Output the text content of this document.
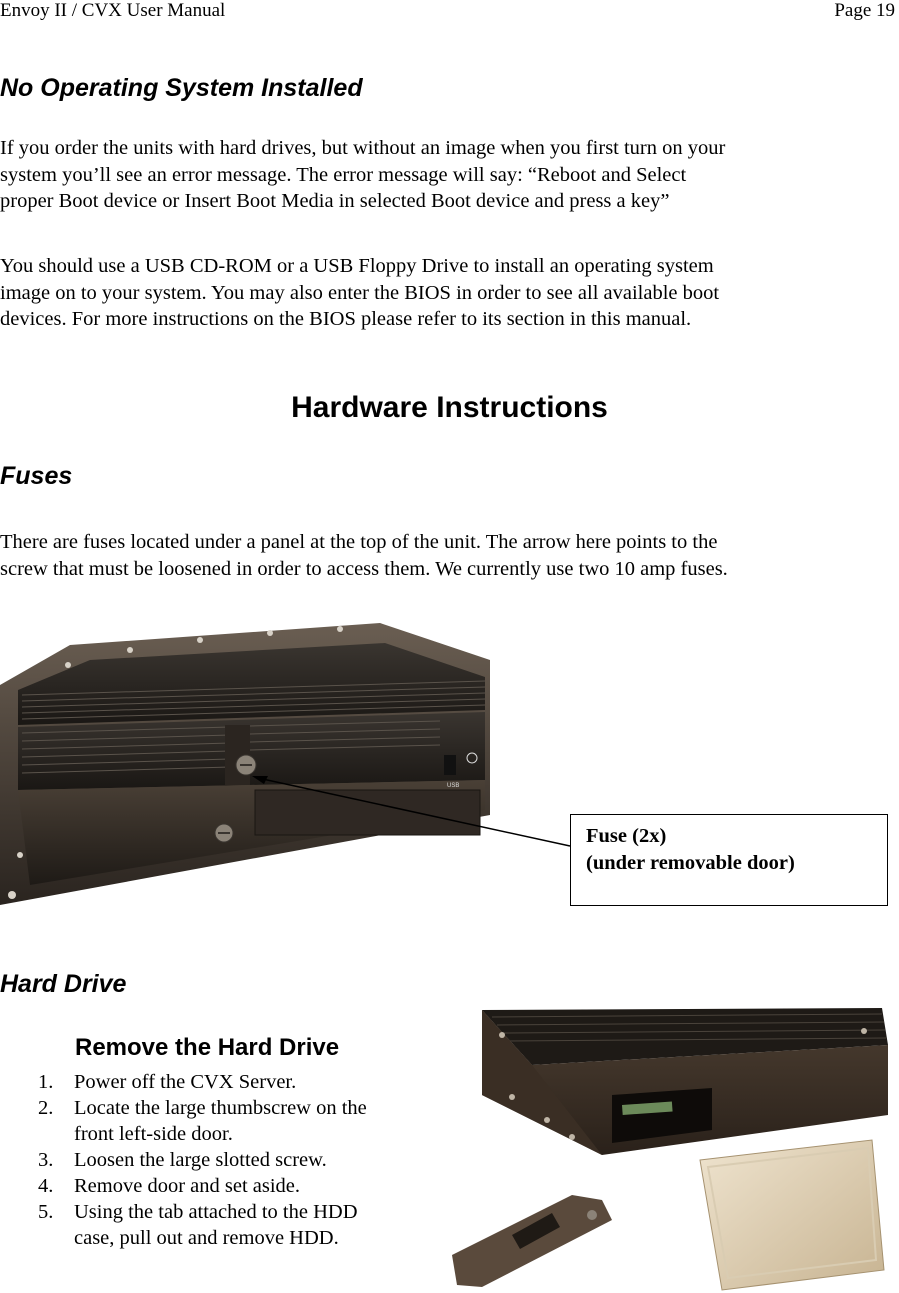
Envoy II / CVX User Manual	Page 19
No Operating System Installed
If you order the units with hard drives, but without an image when you first turn on your
system you’ll see an error message. The error message will say: “Reboot and Select
proper Boot device or Insert Boot Media in selected Boot device and press a key”
You should use a USB CD-ROM or a USB Floppy Drive to install an operating system
image on to your system. You may also enter the BIOS in order to see all available boot
devices. For more instructions on the BIOS please refer to its section in this manual.
Hardware Instructions
Fuses
There are fuses located under a panel at the top of the unit. The arrow here points to the
screw that must be loosened in order to access them. We currently use two 10 amp fuses.
USB
Fuse (2x)
(under removable door)
Hard Drive
Remove the Hard Drive
1. Power off the CVX Server.
2. Locate the large thumbscrew on the
front left-side door.
3. Loosen the large slotted screw.
4. Remove door and set aside.
5. Using the tab attached to the HDD
case, pull out and remove HDD.
